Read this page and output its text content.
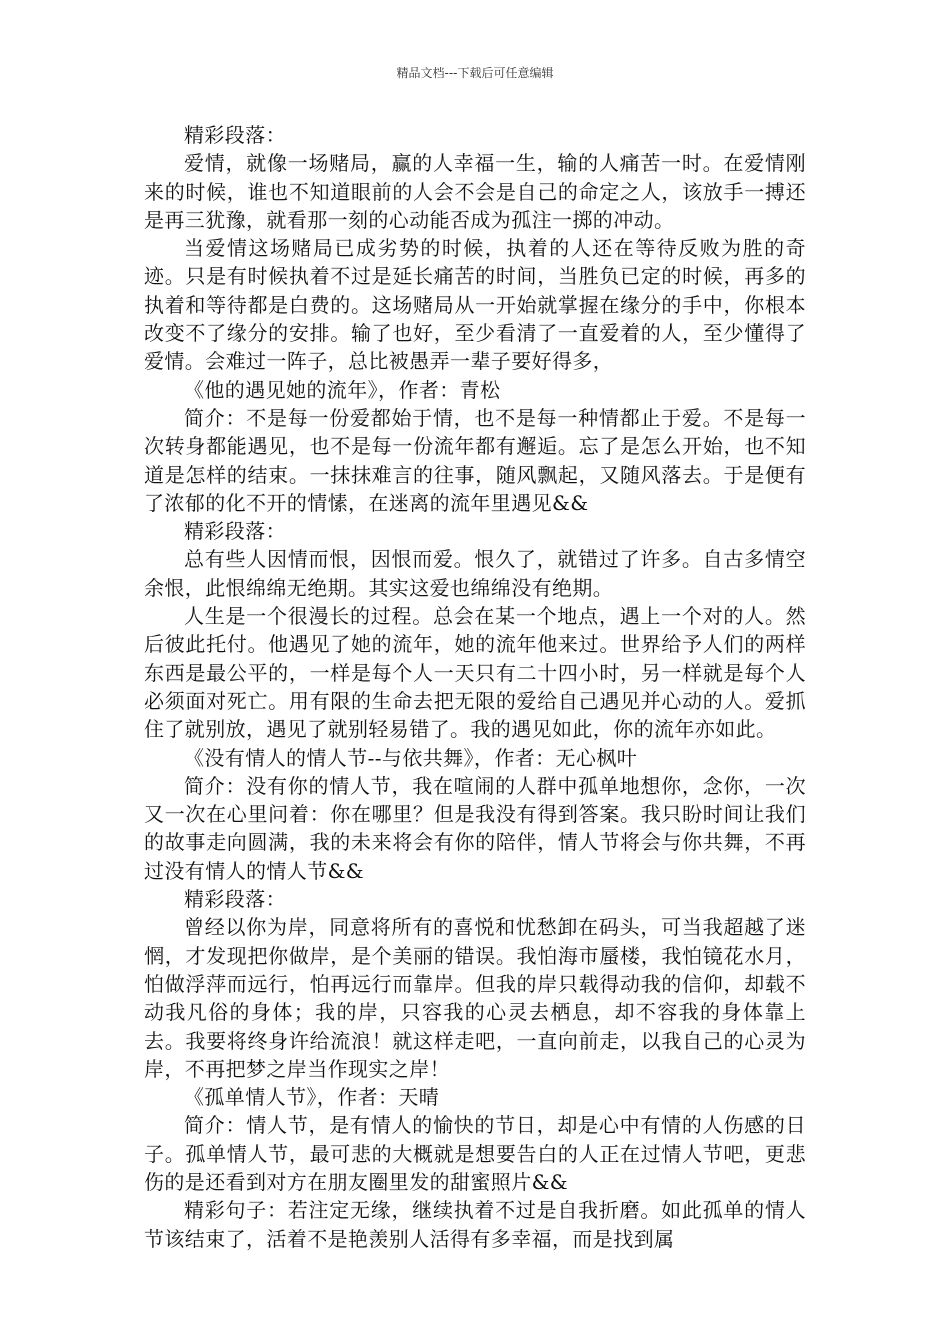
精品文档---下载后可任意编辑

精彩段落：

爱情，就像一场赌局，赢的人幸福一生，输的人痛苦一时。在爱情刚来的时候，谁也不知道眼前的人会不会是自己的命定之人，该放手一搏还是再三犹豫，就看那一刻的心动能否成为孤注一掷的冲动。

当爱情这场赌局已成劣势的时候，执着的人还在等待反败为胜的奇迹。只是有时候执着不过是延长痛苦的时间，当胜负已定的时候，再多的执着和等待都是白费的。这场赌局从一开始就掌握在缘分的手中，你根本改变不了缘分的安排。输了也好，至少看清了一直爱着的人，至少懂得了爱情。会难过一阵子，总比被愚弄一辈子要好得多，

《他的遇见她的流年》，作者：青松

简介：不是每一份爱都始于情，也不是每一种情都止于爱。不是每一次转身都能遇见，也不是每一份流年都有邂逅。忘了是怎么开始，也不知道是怎样的结束。一抹抹难言的往事，随风飘起，又随风落去。于是便有了浓郁的化不开的情愫，在迷离的流年里遇见&&

精彩段落：

总有些人因情而恨，因恨而爱。恨久了，就错过了许多。自古多情空余恨，此恨绵绵无绝期。其实这爱也绵绵没有绝期。

人生是一个很漫长的过程。总会在某一个地点，遇上一个对的人。然后彼此托付。他遇见了她的流年，她的流年他来过。世界给予人们的两样东西是最公平的，一样是每个人一天只有二十四小时，另一样就是每个人必须面对死亡。用有限的生命去把无限的爱给自己遇见并心动的人。爱抓住了就别放，遇见了就别轻易错了。我的遇见如此，你的流年亦如此。

《没有情人的情人节--与依共舞》，作者：无心枫叶

简介：没有你的情人节，我在喧闹的人群中孤单地想你，念你，一次又一次在心里问着：你在哪里？但是我没有得到答案。我只盼时间让我们的故事走向圆满，我的未来将会有你的陪伴，情人节将会与你共舞，不再过没有情人的情人节&&

精彩段落：

曾经以你为岸，同意将所有的喜悦和忧愁卸在码头，可当我超越了迷惘，才发现把你做岸，是个美丽的错误。我怕海市蜃楼，我怕镜花水月，怕做浮萍而远行，怕再远行而靠岸。但我的岸只载得动我的信仰，却载不动我凡俗的身体；我的岸，只容我的心灵去栖息，却不容我的身体靠上去。我要将终身许给流浪！就这样走吧，一直向前走，以我自己的心灵为岸，不再把梦之岸当作现实之岸！

《孤单情人节》，作者：天晴

简介：情人节，是有情人的愉快的节日，却是心中有情的人伤感的日子。孤单情人节，最可悲的大概就是想要告白的人正在过情人节吧，更悲伤的是还看到对方在朋友圈里发的甜蜜照片&&

精彩句子：若注定无缘，继续执着不过是自我折磨。如此孤单的情人节该结束了，活着不是艳羡别人活得有多幸福，而是找到属
